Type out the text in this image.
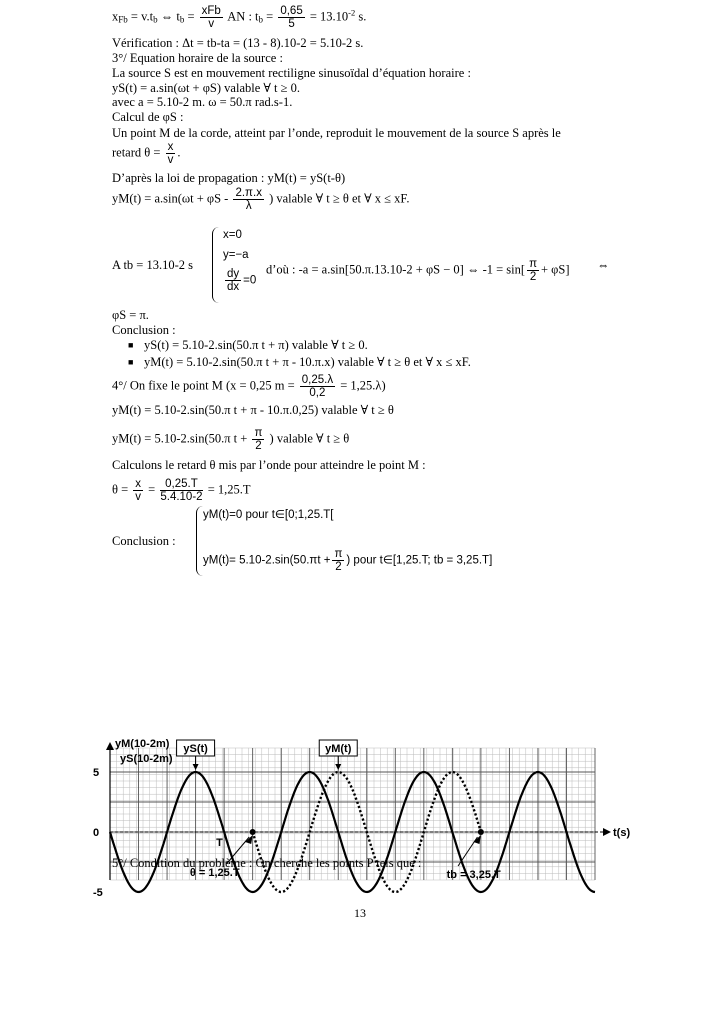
$x_{Fb} = v.t_b$ ⇔ $t_b = \frac{\text{xFb}}{v}$ AN : $t_b = \frac{0,65}{5} = 13.10^{-2}$ s.
Vérification : Δt = tb-ta = (13 - 8).10-2 = 5.10-2 s.
3°/ Equation horaire de la source :
La source S est en mouvement rectiligne sinusoïdal d’équation horaire :
yS(t) = a.sin(ωt + φS) valable ∀ t ≥ 0.
avec a = 5.10-2 m. ω = 50.π rad.s-1.
Calcul de φS :
Un point M de la corde, atteint par l’onde, reproduit le mouvement de la source S après le
retard $\theta = \frac{x}{v}$ .
D’après la loi de propagation : yM(t) = yS(t-θ)
$yM(t) = a.\sin(\omega t + \varphi S - \frac{2.\pi.x}{\lambda}$ ) valable ∀ t ≥ θ et ∀ x ≤ xF.
A tb = 13.10-2 s
x=0
y=−a
$\frac{dy}{dx} =0$
d’où : -a = a.sin[50.π.13.10-2 + φS − 0] ⇔ $-1 = \sin[ \frac{\pi}{2} + \varphi S]$ ⇔
φS = π.
Conclusion :
■ yS(t) = 5.10-2.sin(50.π t + π) valable ∀ t ≥ 0.
■ yM(t) = 5.10-2.sin(50.π t + π - 10.π.x) valable ∀ t ≥ θ et ∀ x ≤ xF.
4°/ On fixe le point M (x = 0,25 $m = \frac{0,25.\lambda}{0,2} = 1,25.\lambda$)
yM(t) = 5.10-2.sin(50.π t + π - 10.π.0,25) valable ∀ t ≥ θ
yM(t) = 5.10-2.sin(50.π $t + \frac{\pi}{2}$ ) valable ∀ t ≥ θ
Calculons le retard θ mis par l’onde pour atteindre le point M :
$\theta = \frac{x}{v} = \frac{0,25.T}{5.4.10-2} = 1,25.T$
Conclusion :
yM(t)=0 pour t∈[0;1,25.T[
$yM(t)= 5.10-2.\sin(50.\pi t + \frac{\pi}{2}$ ) pour t∈[1,25.T; tb = 3,25.T]
t(s)
yM(10-2m)
yS(10-2m)
5
0
-5
yS(t)	yM(t)
T
θ = 1,25.T	tb = 3,25.T
5°/ Condition du problème : On cherche les points P tels que :
13
